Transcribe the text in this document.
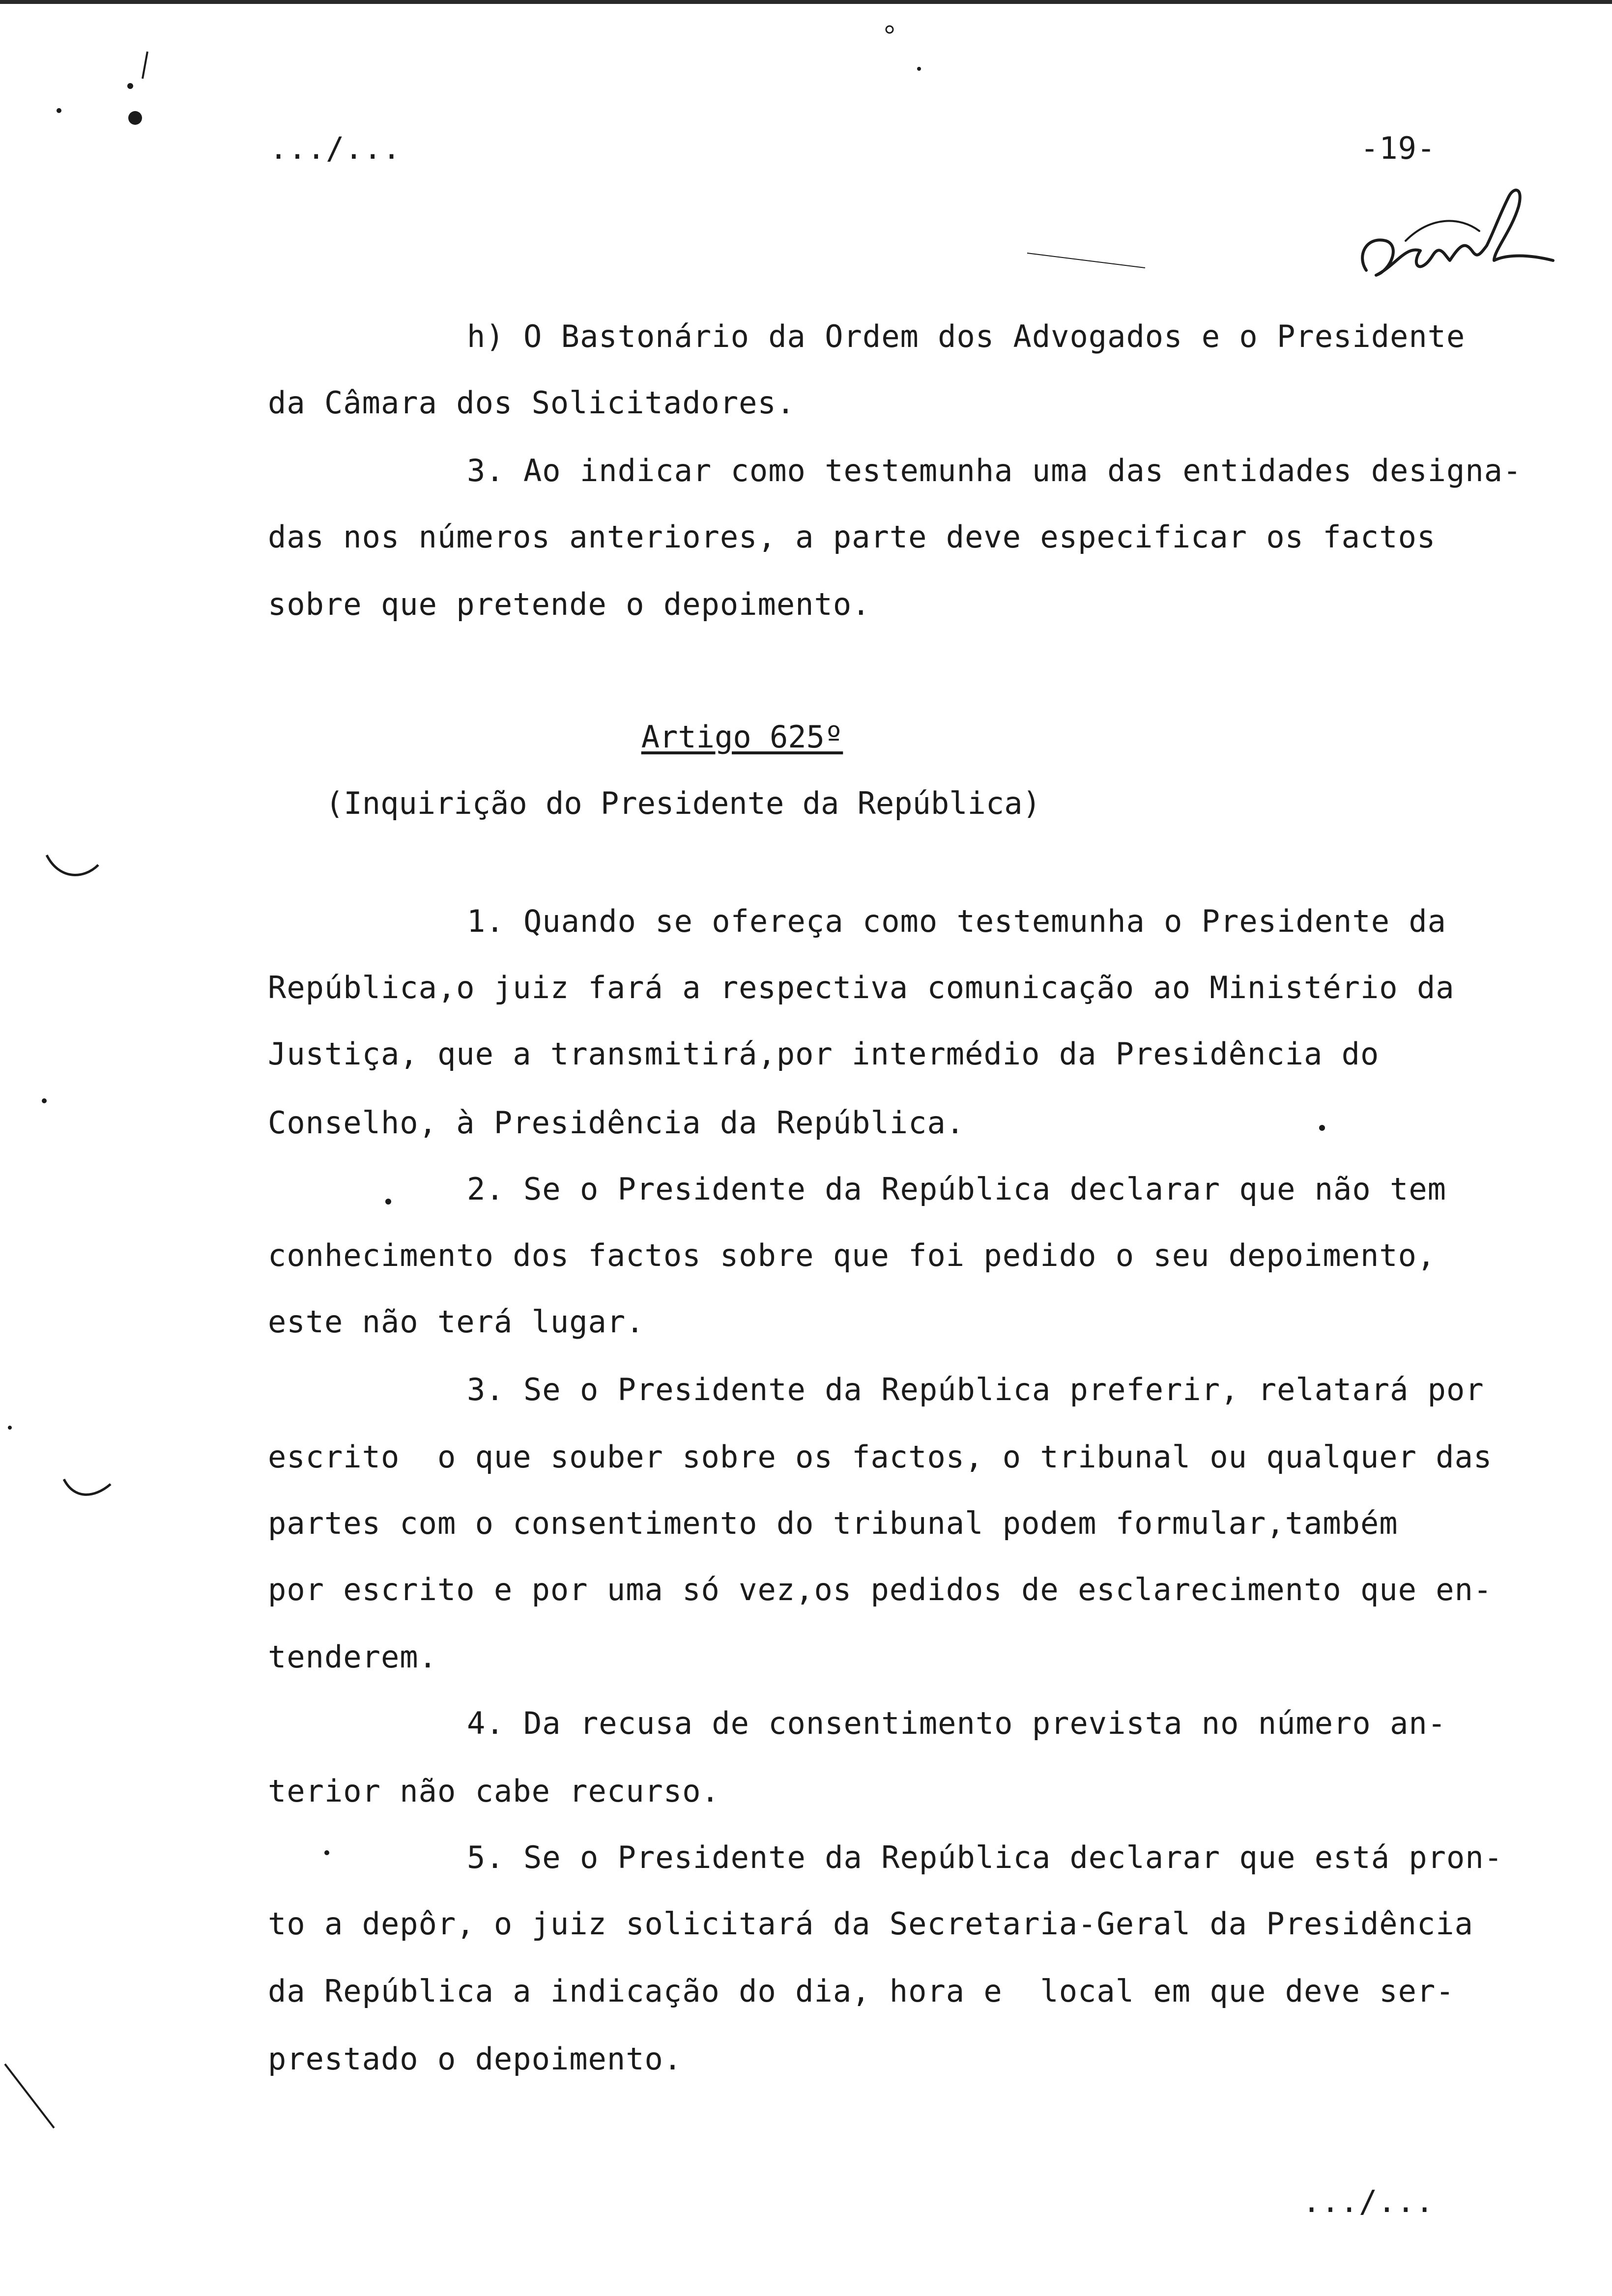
.../...	-19-
h) O Bastonário da Ordem dos Advogados e o Presidente
da Câmara dos Solicitadores.
3. Ao indicar como testemunha uma das entidades designa-
das nos números anteriores, a parte deve especificar os factos
sobre que pretende o depoimento.
Artigo 625º
(Inquirição do Presidente da República)
1. Quando se ofereça como testemunha o Presidente da
República,o juiz fará a respectiva comunicação ao Ministério da
Justiça, que a transmitirá,por intermédio da Presidência do
Conselho, à Presidência da República.
2. Se o Presidente da República declarar que não tem
conhecimento dos factos sobre que foi pedido o seu depoimento,
este não terá lugar.
3. Se o Presidente da República preferir, relatará por
escrito  o que souber sobre os factos, o tribunal ou qualquer das
partes com o consentimento do tribunal podem formular,também
por escrito e por uma só vez,os pedidos de esclarecimento que en-
tenderem.
4. Da recusa de consentimento prevista no número an-
terior não cabe recurso.
5. Se o Presidente da República declarar que está pron-
to a depôr, o juiz solicitará da Secretaria-Geral da Presidência
da República a indicação do dia, hora e  local em que deve ser-
prestado o depoimento.
.../...
